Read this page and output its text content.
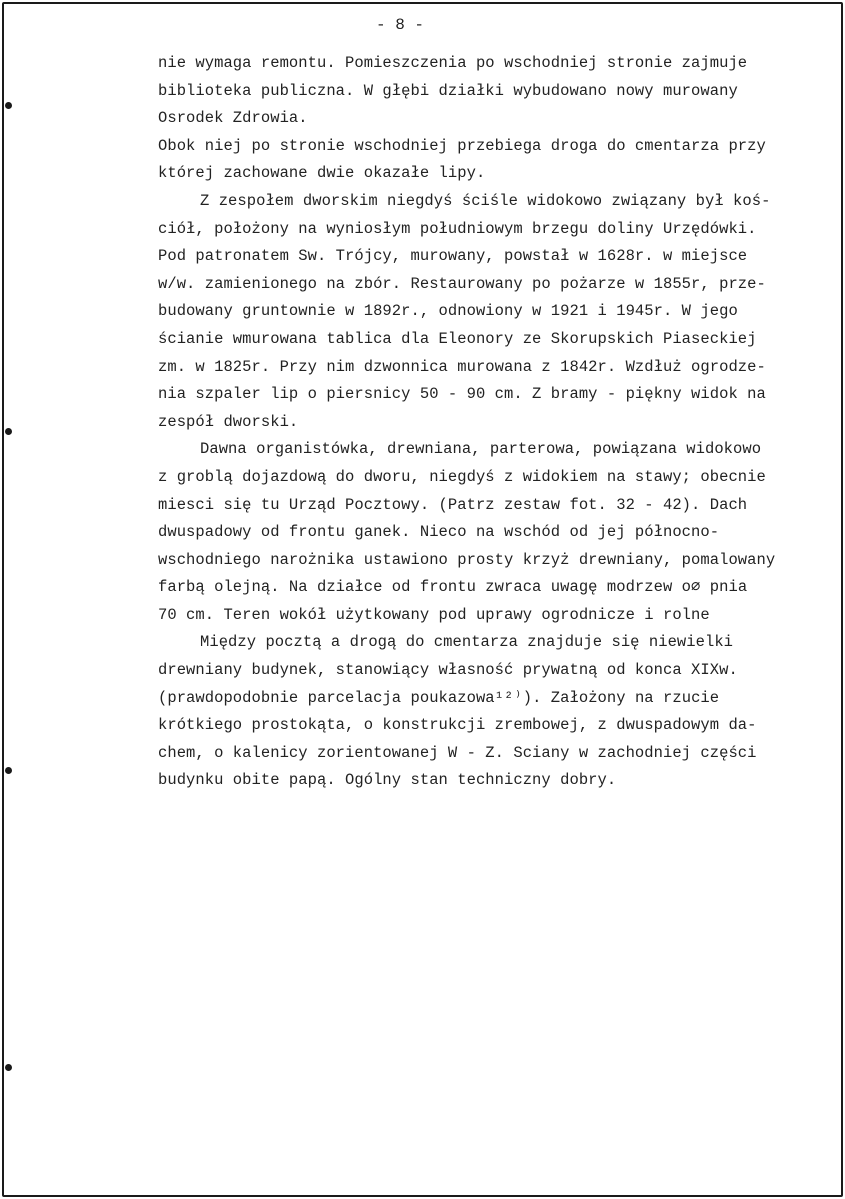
- 8 -
nie wymaga remontu. Pomieszczenia po wschodniej stronie zajmuje
biblioteka publiczna. W głębi działki wybudowano nowy murowany
Osrodek Zdrowia.
Obok niej po stronie wschodniej przebiega droga do cmentarza przy
której zachowane dwie okazałe lipy.
Z zespołem dworskim niegdyś ściśle widokowo związany był koś-
ciół, położony na wyniosłym południowym brzegu doliny Urzędówki.
Pod patronatem Sw. Trójcy, murowany, powstał w 1628r. w miejsce
w/w. zamienionego na zbór. Restaurowany po pożarze w 1855r, prze-
budowany gruntownie w 1892r., odnowiony w 1921 i 1945r. W jego
ścianie wmurowana tablica dla Eleonory ze Skorupskich Piaseckiej
zm. w 1825r. Przy nim dzwonnica murowana z 1842r. Wzdłuż ogrodze-
nia szpaler lip o piersnicy 50 - 90 cm. Z bramy - piękny widok na
zespół dworski.
Dawna organistówka, drewniana, parterowa, powiązana widokowo
z groblą dojazdową do dworu, niegdyś z widokiem na stawy; obecnie
miesci się tu Urząd Pocztowy. (Patrz zestaw fot. 32 - 42). Dach
dwuspadowy od frontu ganek. Nieco na wschód od jej północno-
wschodniego narożnika ustawiono prosty krzyż drewniany, pomalowany
farbą olejną. Na działce od frontu zwraca uwagę modrzew o∅ pnia
70 cm. Teren wokół użytkowany pod uprawy ogrodnicze i rolne
Między pocztą a drogą do cmentarza znajduje się niewielki
drewniany budynek, stanowiący własność prywatną od konca XIXw.
(prawdopodobnie parcelacja poukazowa¹²⁾). Założony na rzucie
krótkiego prostokąta, o konstrukcji zrembowej, z dwuspadowym da-
chem, o kalenicy zorientowanej W - Z. Sciany w zachodniej części
budynku obite papą. Ogólny stan techniczny dobry.
